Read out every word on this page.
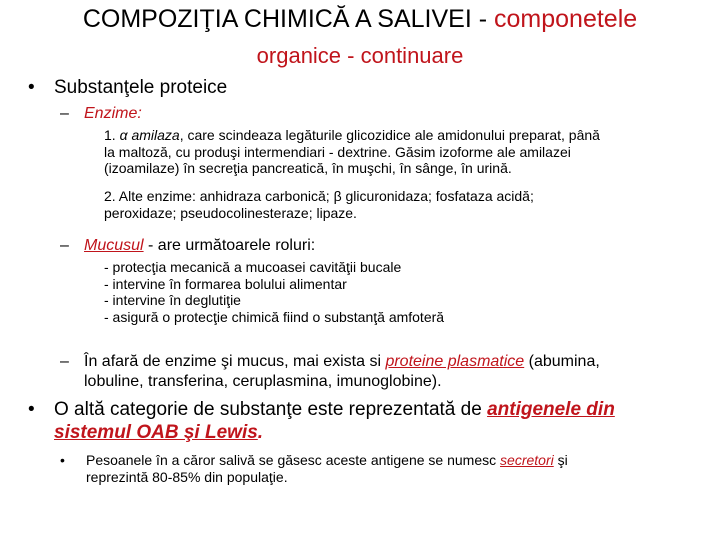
COMPOZIŢIA CHIMICĂ A SALIVEI - componetele
organice - continuare
• Substanţele proteice
– Enzime:
1. α amilaza, care scindeaza legăturile glicozidice ale amidonului preparat, până
la maltoză, cu produşi intermendiari - dextrine. Găsim izoforme ale amilazei
(izoamilaze) în secreţia pancreatică, în muşchi, în sânge, în urină.
2. Alte enzime: anhidraza carbonică; β glicuronidaza; fosfataza acidă;
peroxidaze; pseudocolinesteraze; lipaze.
– Mucusul - are următoarele roluri:
- protecţia mecanică a mucoasei cavităţii bucale
- intervine în formarea bolului alimentar
- intervine în deglutiţie
- asigură o protecţie chimică fiind o substanţă amfoteră
– În afară de enzime şi mucus, mai exista si proteine plasmatice (abumina,
lobuline, transferina, ceruplasmina, imunoglobine).
• O altă categorie de substanţe este reprezentată de antigenele din
sistemul OAB şi Lewis.
• Pesoanele în a căror salivă se găsesc aceste antigene se numesc secretori şi
reprezintă 80-85% din populaţie.
